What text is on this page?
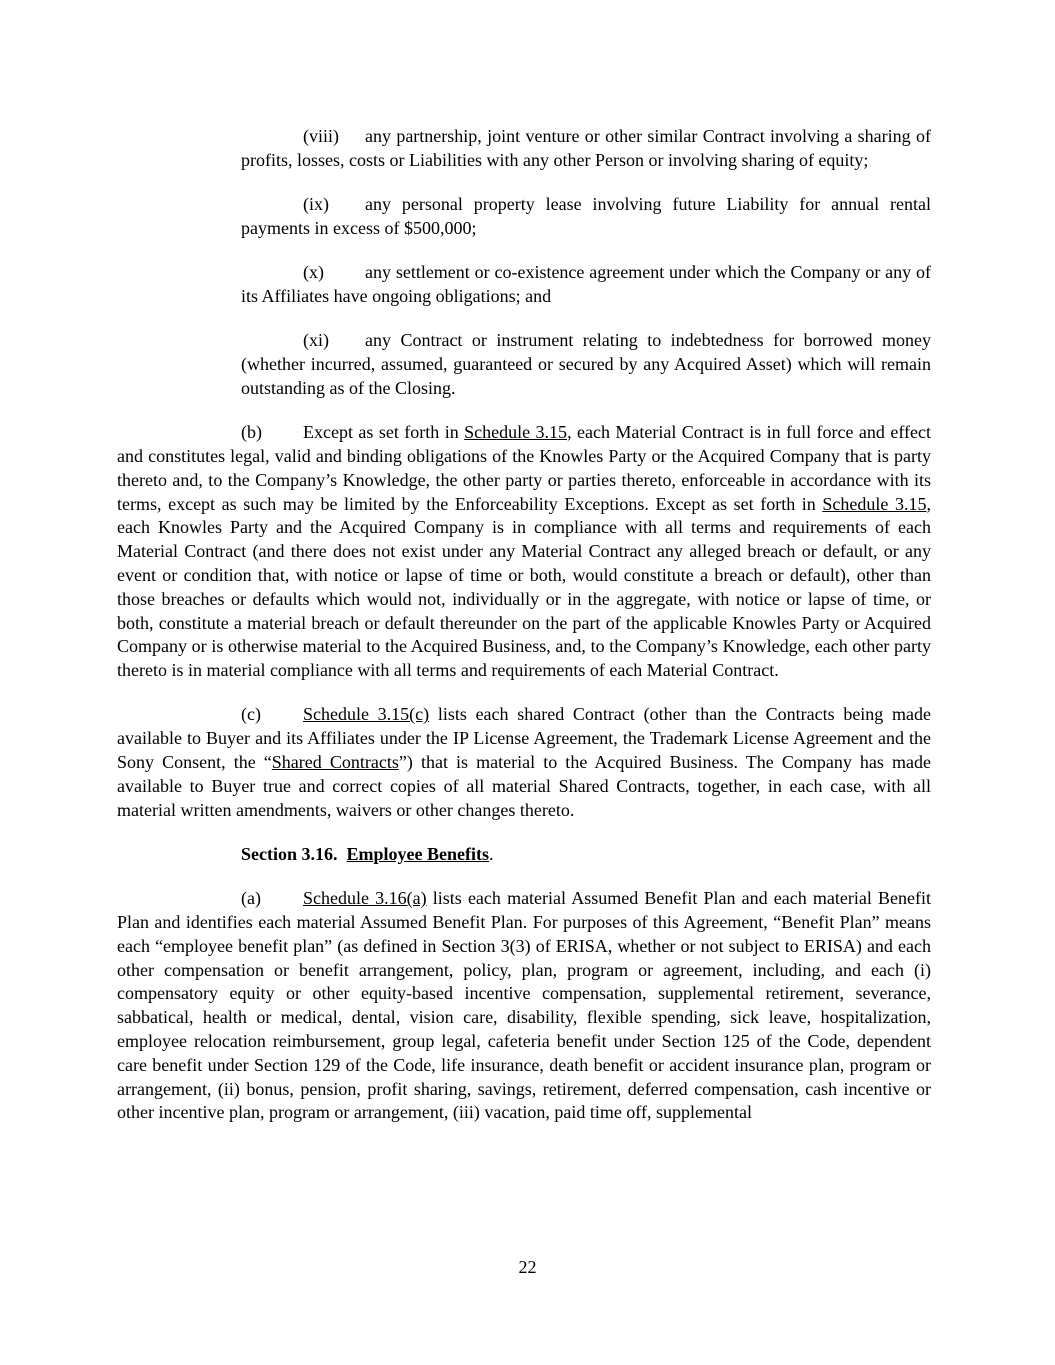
(viii) any partnership, joint venture or other similar Contract involving a sharing of profits, losses, costs or Liabilities with any other Person or involving sharing of equity;

(ix) any personal property lease involving future Liability for annual rental payments in excess of $500,000;

(x) any settlement or co-existence agreement under which the Company or any of its Affiliates have ongoing obligations; and

(xi) any Contract or instrument relating to indebtedness for borrowed money (whether incurred, assumed, guaranteed or secured by any Acquired Asset) which will remain outstanding as of the Closing.

(b) Except as set forth in Schedule 3.15, each Material Contract is in full force and effect and constitutes legal, valid and binding obligations of the Knowles Party or the Acquired Company that is party thereto and, to the Company’s Knowledge, the other party or parties thereto, enforceable in accordance with its terms, except as such may be limited by the Enforceability Exceptions. Except as set forth in Schedule 3.15, each Knowles Party and the Acquired Company is in compliance with all terms and requirements of each Material Contract (and there does not exist under any Material Contract any alleged breach or default, or any event or condition that, with notice or lapse of time or both, would constitute a breach or default), other than those breaches or defaults which would not, individually or in the aggregate, with notice or lapse of time, or both, constitute a material breach or default thereunder on the part of the applicable Knowles Party or Acquired Company or is otherwise material to the Acquired Business, and, to the Company’s Knowledge, each other party thereto is in material compliance with all terms and requirements of each Material Contract.

(c) Schedule 3.15(c) lists each shared Contract (other than the Contracts being made available to Buyer and its Affiliates under the IP License Agreement, the Trademark License Agreement and the Sony Consent, the “Shared Contracts”) that is material to the Acquired Business. The Company has made available to Buyer true and correct copies of all material Shared Contracts, together, in each case, with all material written amendments, waivers or other changes thereto.

Section 3.16. Employee Benefits.

(a) Schedule 3.16(a) lists each material Assumed Benefit Plan and each material Benefit Plan and identifies each material Assumed Benefit Plan. For purposes of this Agreement, “Benefit Plan” means each “employee benefit plan” (as defined in Section 3(3) of ERISA, whether or not subject to ERISA) and each other compensation or benefit arrangement, policy, plan, program or agreement, including, and each (i) compensatory equity or other equity-based incentive compensation, supplemental retirement, severance, sabbatical, health or medical, dental, vision care, disability, flexible spending, sick leave, hospitalization, employee relocation reimbursement, group legal, cafeteria benefit under Section 125 of the Code, dependent care benefit under Section 129 of the Code, life insurance, death benefit or accident insurance plan, program or arrangement, (ii) bonus, pension, profit sharing, savings, retirement, deferred compensation, cash incentive or other incentive plan, program or arrangement, (iii) vacation, paid time off, supplemental

22
